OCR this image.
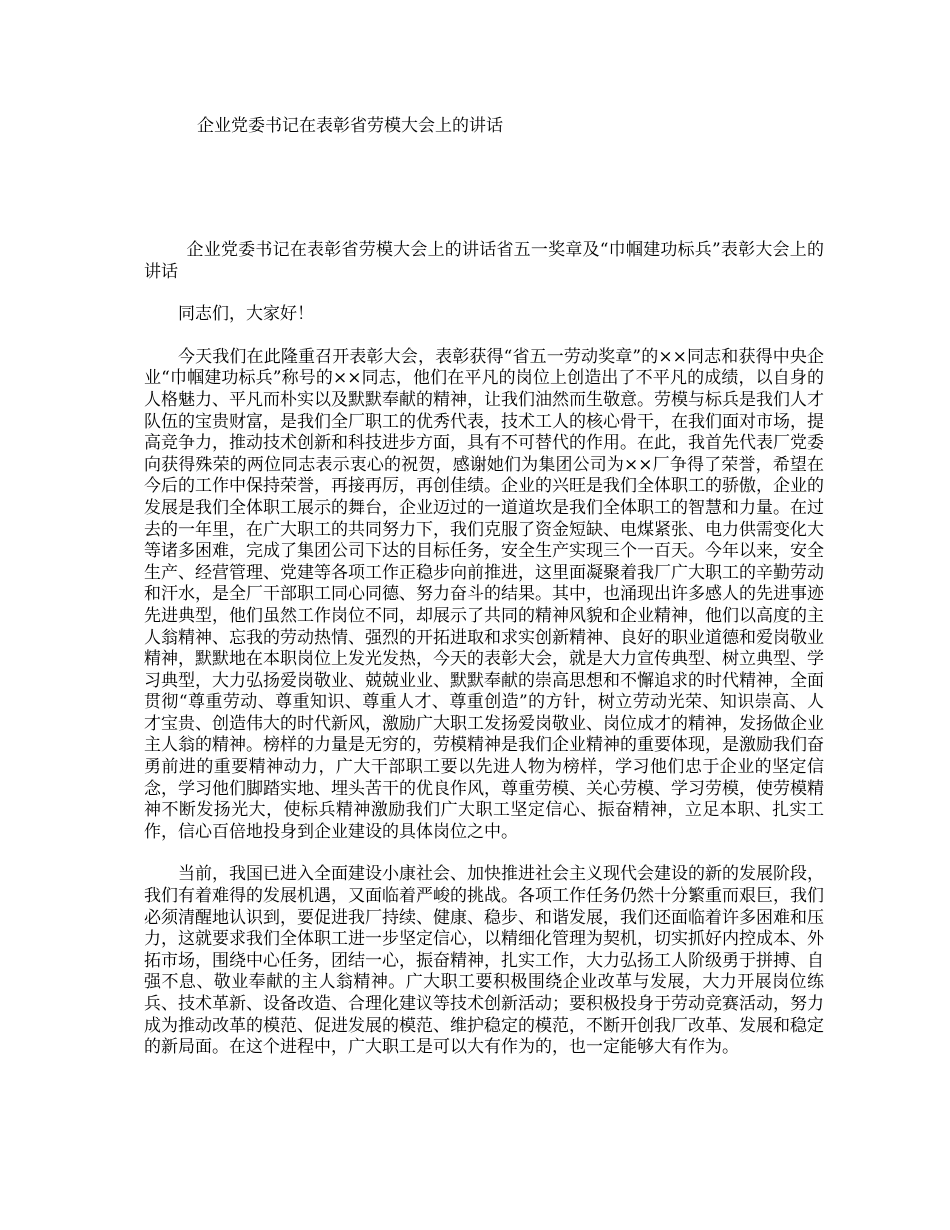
企业党委书记在表彰省劳模大会上的讲话

企业党委书记在表彰省劳模大会上的讲话省五一奖章及“巾帼建功标兵”表彰大会上的讲话

同志们，大家好！

今天我们在此隆重召开表彰大会，表彰获得“省五一劳动奖章”的××同志和获得中央企业“巾帼建功标兵”称号的××同志，他们在平凡的岗位上创造出了不平凡的成绩，以自身的人格魅力、平凡而朴实以及默默奉献的精神，让我们油然而生敬意。劳模与标兵是我们人才队伍的宝贵财富，是我们全厂职工的优秀代表，技术工人的核心骨干，在我们面对市场，提高竞争力，推动技术创新和科技进步方面，具有不可替代的作用。在此，我首先代表厂党委向获得殊荣的两位同志表示衷心的祝贺，感谢她们为集团公司为××厂争得了荣誉，希望在今后的工作中保持荣誉，再接再厉，再创佳绩。企业的兴旺是我们全体职工的骄傲，企业的发展是我们全体职工展示的舞台，企业迈过的一道道坎是我们全体职工的智慧和力量。在过去的一年里，在广大职工的共同努力下，我们克服了资金短缺、电煤紧张、电力供需变化大等诸多困难，完成了集团公司下达的目标任务，安全生产实现三个一百天。今年以来，安全生产、经营管理、党建等各项工作正稳步向前推进，这里面凝聚着我厂广大职工的辛勤劳动和汗水，是全厂干部职工同心同德、努力奋斗的结果。其中，也涌现出许多感人的先进事迹先进典型，他们虽然工作岗位不同，却展示了共同的精神风貌和企业精神，他们以高度的主人翁精神、忘我的劳动热情、强烈的开拓进取和求实创新精神、良好的职业道德和爱岗敬业精神，默默地在本职岗位上发光发热，今天的表彰大会，就是大力宣传典型、树立典型、学习典型，大力弘扬爱岗敬业、兢兢业业、默默奉献的崇高思想和不懈追求的时代精神，全面贯彻“尊重劳动、尊重知识、尊重人才、尊重创造”的方针，树立劳动光荣、知识崇高、人才宝贵、创造伟大的时代新风，激励广大职工发扬爱岗敬业、岗位成才的精神，发扬做企业主人翁的精神。榜样的力量是无穷的，劳模精神是我们企业精神的重要体现，是激励我们奋勇前进的重要精神动力，广大干部职工要以先进人物为榜样，学习他们忠于企业的坚定信念，学习他们脚踏实地、埋头苦干的优良作风，尊重劳模、关心劳模、学习劳模，使劳模精神不断发扬光大，使标兵精神激励我们广大职工坚定信心、振奋精神，立足本职、扎实工作，信心百倍地投身到企业建设的具体岗位之中。

当前，我国已进入全面建设小康社会、加快推进社会主义现代会建设的新的发展阶段，我们有着难得的发展机遇，又面临着严峻的挑战。各项工作任务仍然十分繁重而艰巨，我们必须清醒地认识到，要促进我厂持续、健康、稳步、和谐发展，我们还面临着许多困难和压力，这就要求我们全体职工进一步坚定信心，以精细化管理为契机，切实抓好内控成本、外拓市场，围绕中心任务，团结一心，振奋精神，扎实工作，大力弘扬工人阶级勇于拼搏、自强不息、敬业奉献的主人翁精神。广大职工要积极围绕企业改革与发展，大力开展岗位练兵、技术革新、设备改造、合理化建议等技术创新活动；要积极投身于劳动竞赛活动，努力成为推动改革的模范、促进发展的模范、维护稳定的模范，不断开创我厂改革、发展和稳定的新局面。在这个进程中，广大职工是可以大有作为的，也一定能够大有作为。
